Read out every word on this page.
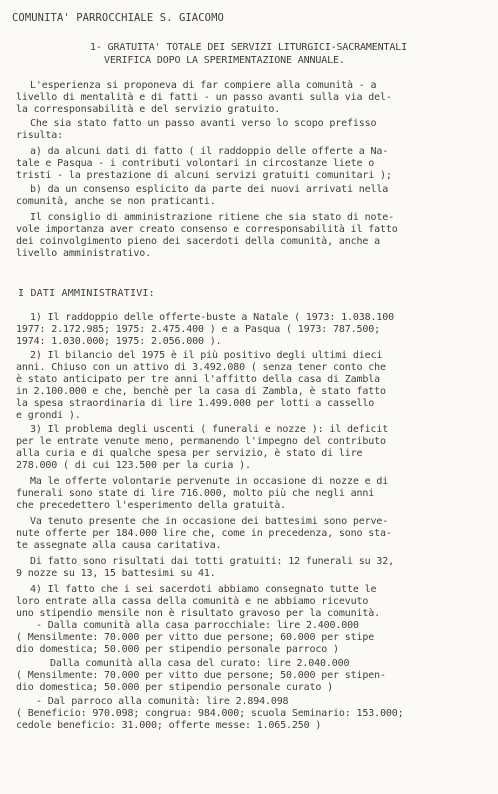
COMUNITA' PARROCCHIALE S. GIACOMO
1- GRATUITA' TOTALE DEI SERVIZI LITURGICI-SACRAMENTALI
VERIFICA DOPO LA SPERIMENTAZIONE ANNUALE.
L'esperienza si proponeva di far compiere alla comunità - a
livello di mentalità e di fatti - un passo avanti sulla via del-
la corresponsabilità e del servizio gratuito.
Che sia stato fatto un passo avanti verso lo scopo prefisso
risulta:
a) da alcuni dati di fatto ( il raddoppio delle offerte a Na-
tale e Pasqua - i contributi volontari in circostanze liete o
tristi - la prestazione di alcuni servizi gratuiti comunitari );
b) da un consenso esplicito da parte dei nuovi arrivati nella
comunità, anche se non praticanti.
Il consiglio di amministrazione ritiene che sia stato di note-
vole importanza aver creato consenso e corresponsabilità il fatto
dei coinvolgimento pieno dei sacerdoti della comunità, anche a
livello amministrativo.
I DATI AMMINISTRATIVI:
1) Il raddoppio delle offerte-buste a Natale ( 1973: 1.038.100
1977: 2.172.985; 1975: 2.475.400 ) e a Pasqua ( 1973: 787.500;
1974: 1.030.000; 1975: 2.056.000 ).
2) Il bilancio del 1975 è il più positivo degli ultimi dieci
anni. Chiuso con un attivo di 3.492.080 ( senza tener conto che
è stato anticipato per tre anni l'affitto della casa di Zambla
in 2.100.000 e che, benchè per la casa di Zambla, è stato fatto
la spesa straordinaria di lire 1.499.000 per lotti a cassello
e grondi ).
3) Il problema degli uscenti ( funerali e nozze ): il deficit
per le entrate venute meno, permanendo l'impegno del contributo
alla curia e di qualche spesa per servizio, è stato di lire
278.000 ( di cui 123.500 per la curia ).
Ma le offerte volontarie pervenute in occasione di nozze e di
funerali sono state di lire 716.000, molto più che negli anni
che precedettero l'esperimento della gratuità.
Va tenuto presente che in occasione dei battesimi sono perve-
nute offerte per 184.000 lire che, come in precedenza, sono sta-
te assegnate alla causa caritativa.
Di fatto sono risultati dai totti gratuiti: 12 funerali su 32,
9 nozze su 13, 15 battesimi su 41.
4) Il fatto che i sei sacerdoti abbiamo consegnato tutte le
loro entrate alla cassa della comunità e ne abbiamo ricevuto
uno stipendio mensile non è risultato gravoso per la comunità.
- Dalla comunità alla casa parrocchiale: lire 2.400.000
( Mensilmente: 70.000 per vitto due persone; 60.000 per stipe
dio domestica; 50.000 per stipendio personale parroco )
Dalla comunità alla casa del curato: lire 2.040.000
( Mensilmente: 70.000 per vitto due persone; 50.000 per stipen-
dio domestica; 50.000 per stipendio personale curato )
- Dal parroco alla comunità: lire 2.894.098
( Beneficio: 970.098; congrua: 984.000; scuola Seminario: 153.000;
cedole beneficio: 31.000; offerte messe: 1.065.250 )
